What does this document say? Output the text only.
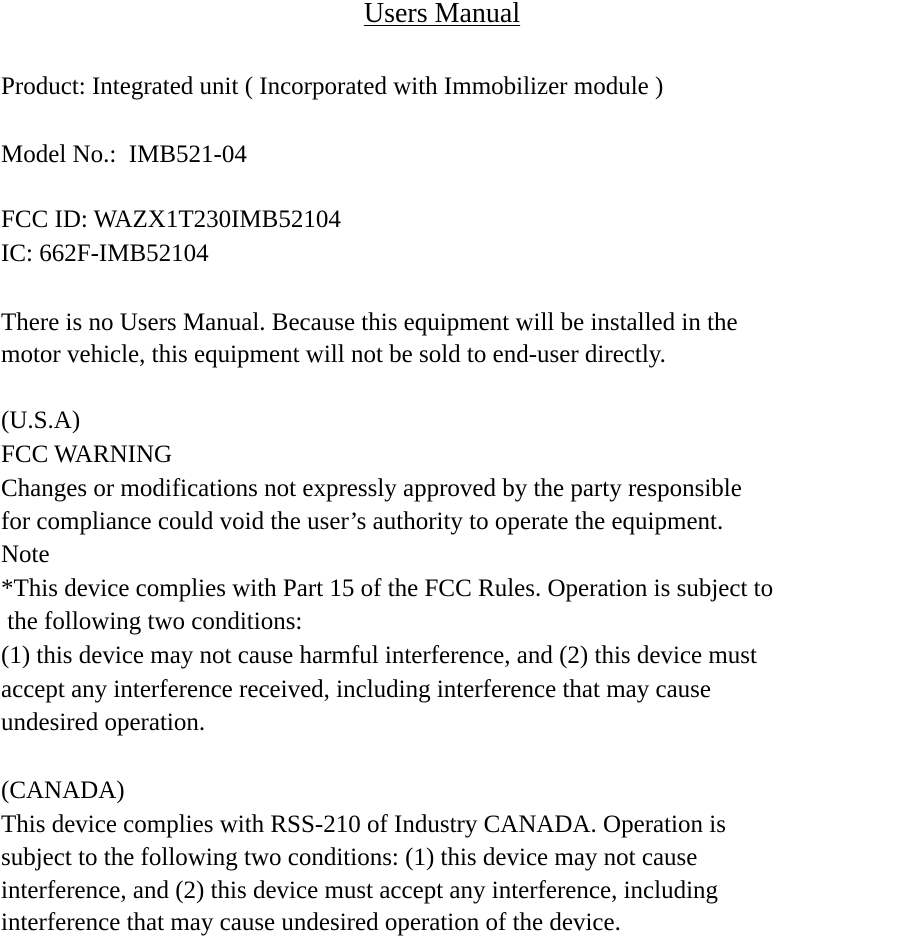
Users Manual
Product: Integrated unit ( Incorporated with Immobilizer module )
Model No.:  IMB521-04
FCC ID: WAZX1T230IMB52104
IC: 662F-IMB52104
There is no Users Manual. Because this equipment will be installed in the
motor vehicle, this equipment will not be sold to end-user directly.
(U.S.A)
FCC WARNING
Changes or modifications not expressly approved by the party responsible
for compliance could void the user’s authority to operate the equipment.
Note
*This device complies with Part 15 of the FCC Rules. Operation is subject to
the following two conditions:
(1) this device may not cause harmful interference, and (2) this device must
accept any interference received, including interference that may cause
undesired operation.
(CANADA)
This device complies with RSS-210 of Industry CANADA. Operation is
subject to the following two conditions: (1) this device may not cause
interference, and (2) this device must accept any interference, including
interference that may cause undesired operation of the device.
